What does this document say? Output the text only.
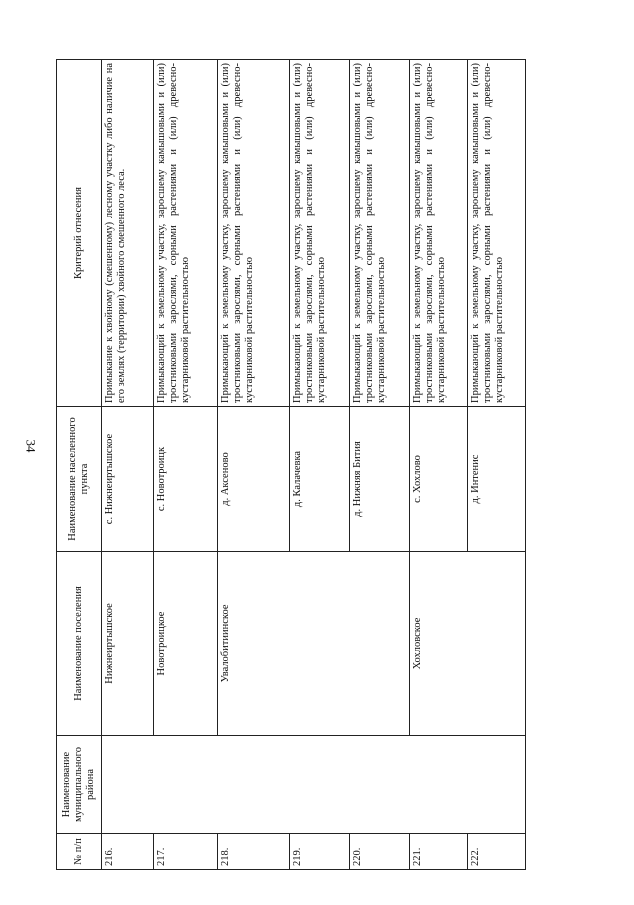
34
№ п/п	Наименование муниципального района	Наименование поселения	Наименование населенного пункта	Критерий отнесения
216.		Нижнеиртышское	с. Нижнеиртышское	Примыкание к хвойному (смешенному) лесному участку либо наличие на его землях (территории) хвойного смешенного леса.
217.		Новотроицкое	с. Новотроицк	Примыкающий к земельному участку, заросшему камышовыми и (или) тростниковыми зарослями, сорными растениями и (или) древесно-кустарниковой растительностью
218.		Увалобитиинское	д. Аксеново	Примыкающий к земельному участку, заросшему камышовыми и (или) тростниковыми зарослями, сорными растениями и (или) древесно-кустарниковой растительностью
219.			д. Калачевка	Примыкающий к земельному участку, заросшему камышовыми и (или) тростниковыми зарослями, сорными растениями и (или) древесно-кустарниковой растительностью
220.			д. Нижняя Бития	Примыкающий к земельному участку, заросшему камышовыми и (или) тростниковыми зарослями, сорными растениями и (или) древесно-кустарниковой растительностью
221.		Хохловское	с. Хохлово	Примыкающий к земельному участку, заросшему камышовыми и (или) тростниковыми зарослями, сорными растениями и (или) древесно-кустарниковой растительностью
222.			д. Интенис	Примыкающий к земельному участку, заросшему камышовыми и (или) тростниковыми зарослями, сорными растениями и (или) древесно-кустарниковой растительностью
